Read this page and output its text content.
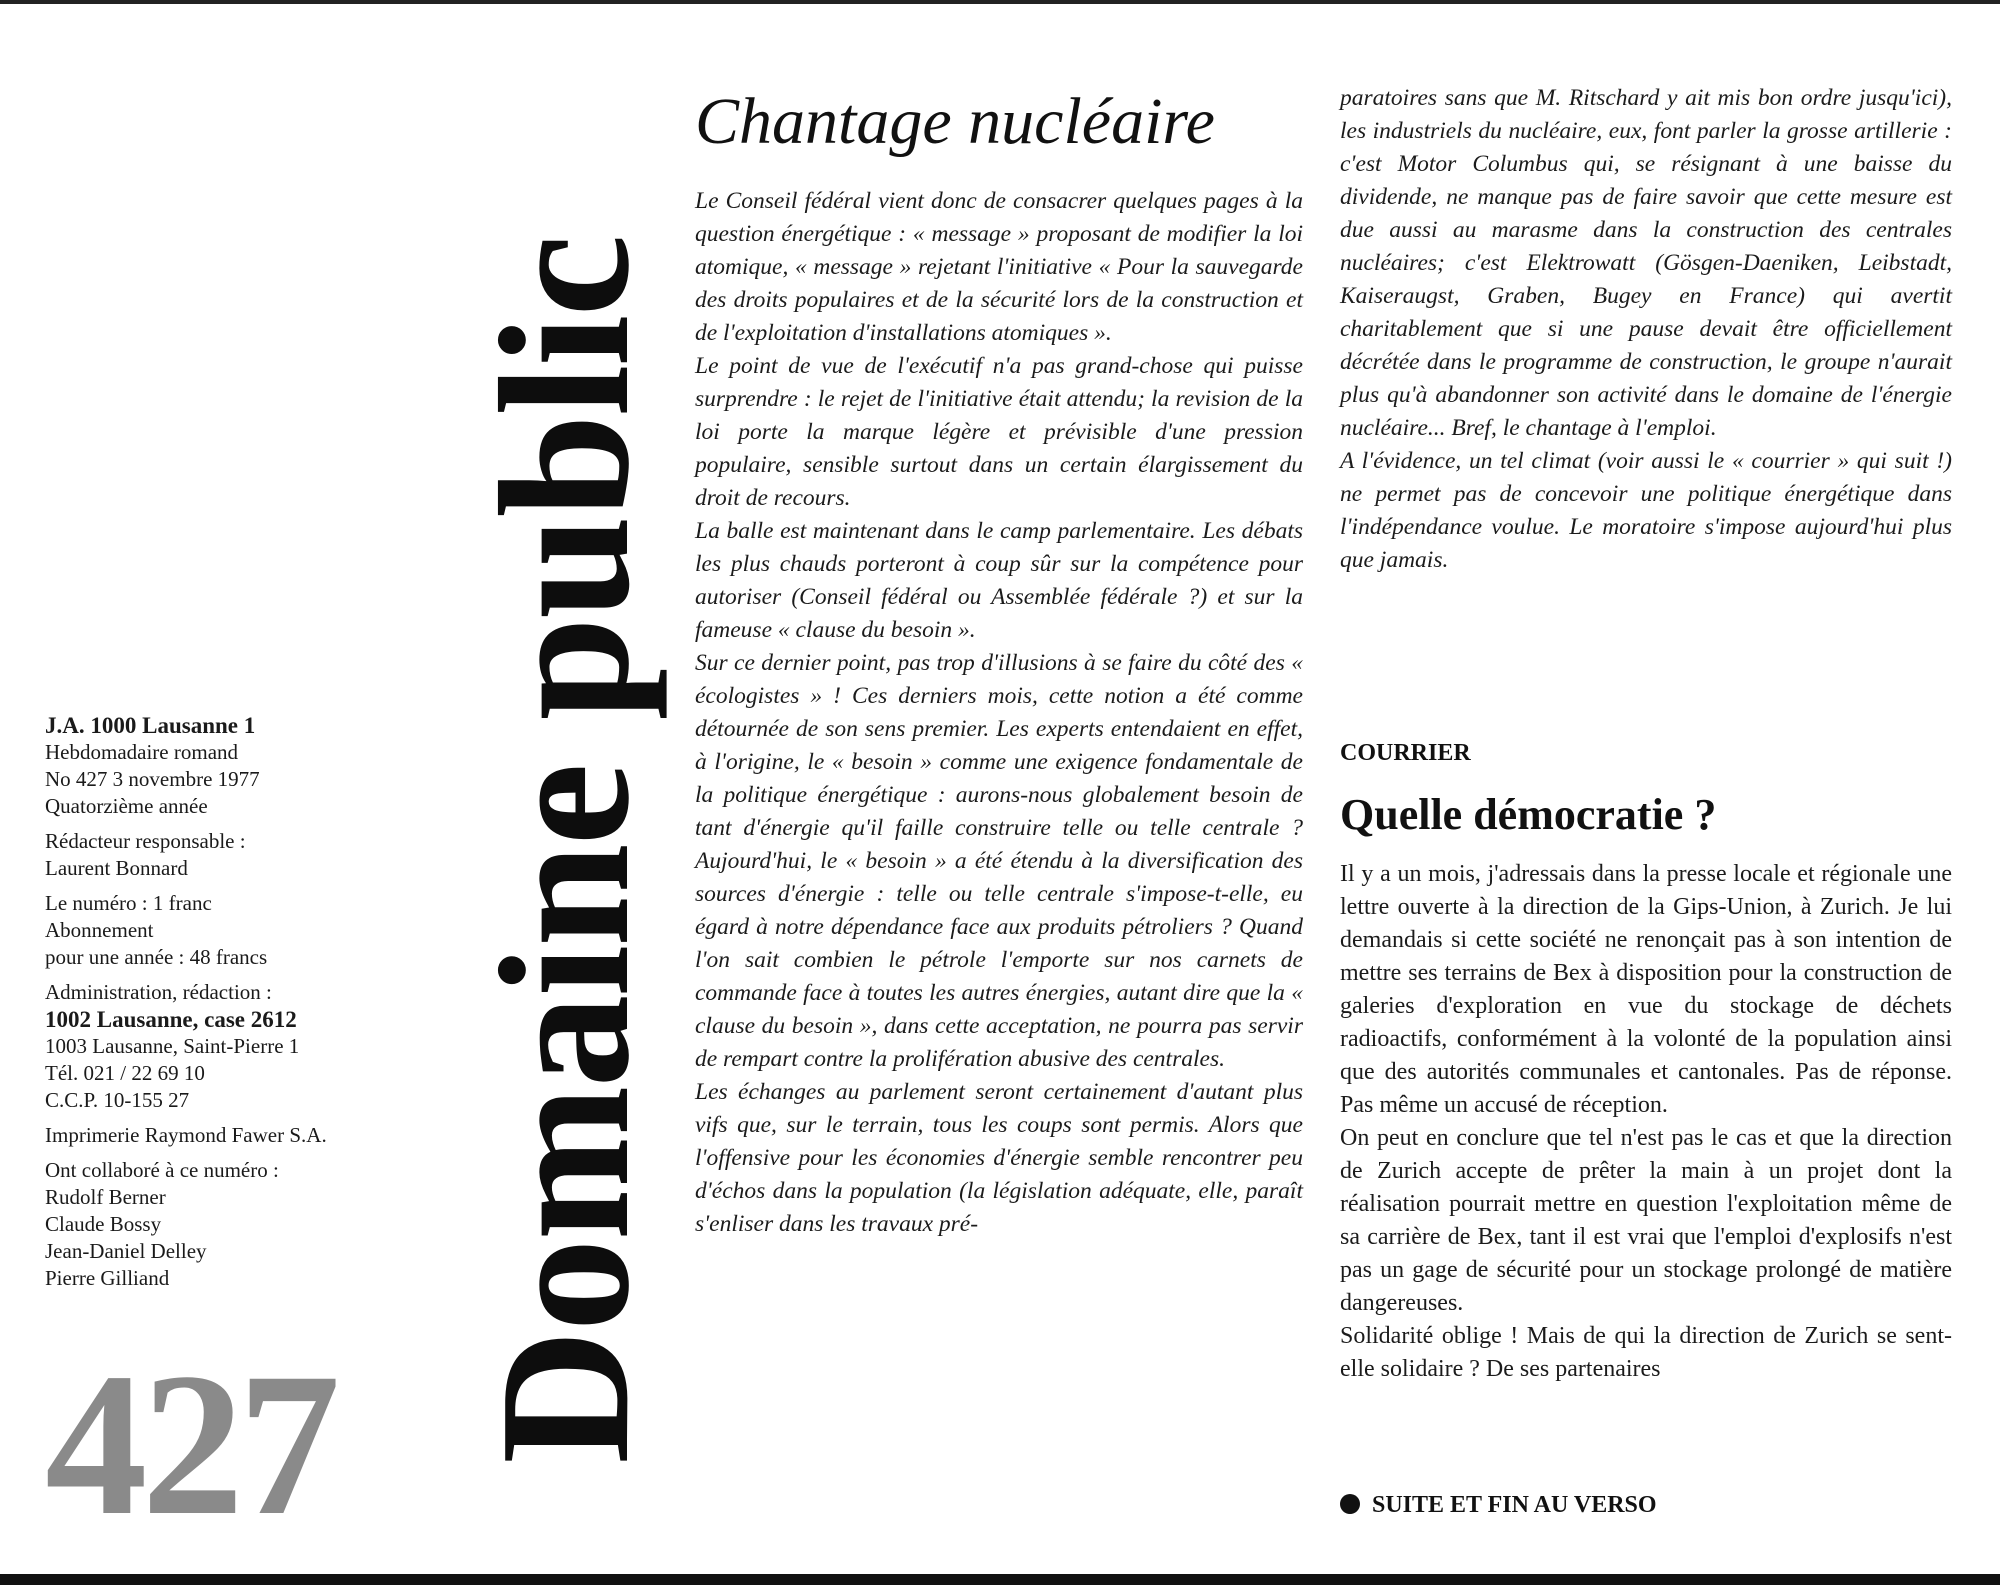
J.A. 1000 Lausanne 1
Hebdomadaire romand
No 427 3 novembre 1977
Quatorzième année
Rédacteur responsable :
Laurent Bonnard
Le numéro : 1 franc
Abonnement
pour une année : 48 francs
Administration, rédaction :
1002 Lausanne, case 2612
1003 Lausanne, Saint-Pierre 1
Tél. 021 / 22 69 10
C.C.P. 10-155 27
Imprimerie Raymond Fawer S.A.
Ont collaboré à ce numéro :
Rudolf Berner
Claude Bossy
Jean-Daniel Delley
Pierre Gilliand
427 Domaine public
Chantage nucléaire

Le Conseil fédéral vient donc de consacrer quelques pages à la question énergétique : « message » proposant de modifier la loi atomique, « message » rejetant l'initiative « Pour la sauvegarde des droits populaires et de la sécurité lors de la construction et de l'exploitation d'installations atomiques ».

Le point de vue de l'exécutif n'a pas grand-chose qui puisse surprendre : le rejet de l'initiative était attendu; la revision de la loi porte la marque légère et prévisible d'une pression populaire, sensible surtout dans un certain élargissement du droit de recours.

La balle est maintenant dans le camp parlementaire. Les débats les plus chauds porteront à coup sûr sur la compétence pour autoriser (Conseil fédéral ou Assemblée fédérale ?) et sur la fameuse « clause du besoin ».

Sur ce dernier point, pas trop d'illusions à se faire du côté des « écologistes » ! Ces derniers mois, cette notion a été comme détournée de son sens premier. Les experts entendaient en effet, à l'origine, le « besoin » comme une exigence fondamentale de la politique énergétique : aurons-nous globalement besoin de tant d'énergie qu'il faille construire telle ou telle centrale ? Aujourd'hui, le « besoin » a été étendu à la diversification des sources d'énergie : telle ou telle centrale s'impose-t-elle, eu égard à notre dépendance face aux produits pétroliers ? Quand l'on sait combien le pétrole l'emporte sur nos carnets de commande face à toutes les autres énergies, autant dire que la « clause du besoin », dans cette acceptation, ne pourra pas servir de rempart contre la prolifération abusive des centrales.

Les échanges au parlement seront certainement d'autant plus vifs que, sur le terrain, tous les coups sont permis. Alors que l'offensive pour les économies d'énergie semble rencontrer peu d'échos dans la population (la législation adéquate, elle, paraît s'enliser dans les travaux pré-

paratoires sans que M. Ritschard y ait mis bon ordre jusqu'ici), les industriels du nucléaire, eux, font parler la grosse artillerie : c'est Motor Columbus qui, se résignant à une baisse du dividende, ne manque pas de faire savoir que cette mesure est due aussi au marasme dans la construction des centrales nucléaires; c'est Elektrowatt (Gösgen-Daeniken, Leibstadt, Kaiseraugst, Graben, Bugey en France) qui avertit charitablement que si une pause devait être officiellement décrétée dans le programme de construction, le groupe n'aurait plus qu'à abandonner son activité dans le domaine de l'énergie nucléaire... Bref, le chantage à l'emploi.

A l'évidence, un tel climat (voir aussi le « courrier » qui suit !) ne permet pas de concevoir une politique énergétique dans l'indépendance voulue. Le moratoire s'impose aujourd'hui plus que jamais.

COURRIER
Quelle démocratie ?

Il y a un mois, j'adressais dans la presse locale et régionale une lettre ouverte à la direction de la Gips-Union, à Zurich. Je lui demandais si cette société ne renonçait pas à son intention de mettre ses terrains de Bex à disposition pour la construction de galeries d'exploration en vue du stockage de déchets radioactifs, conformément à la volonté de la population ainsi que des autorités communales et cantonales. Pas de réponse. Pas même un accusé de réception.

On peut en conclure que tel n'est pas le cas et que la direction de Zurich accepte de prêter la main à un projet dont la réalisation pourrait mettre en question l'exploitation même de sa carrière de Bex, tant il est vrai que l'emploi d'explosifs n'est pas un gage de sécurité pour un stockage prolongé de matière dangereuses.

Solidarité oblige ! Mais de qui la direction de Zurich se sent-elle solidaire ? De ses partenaires

SUITE ET FIN AU VERSO
